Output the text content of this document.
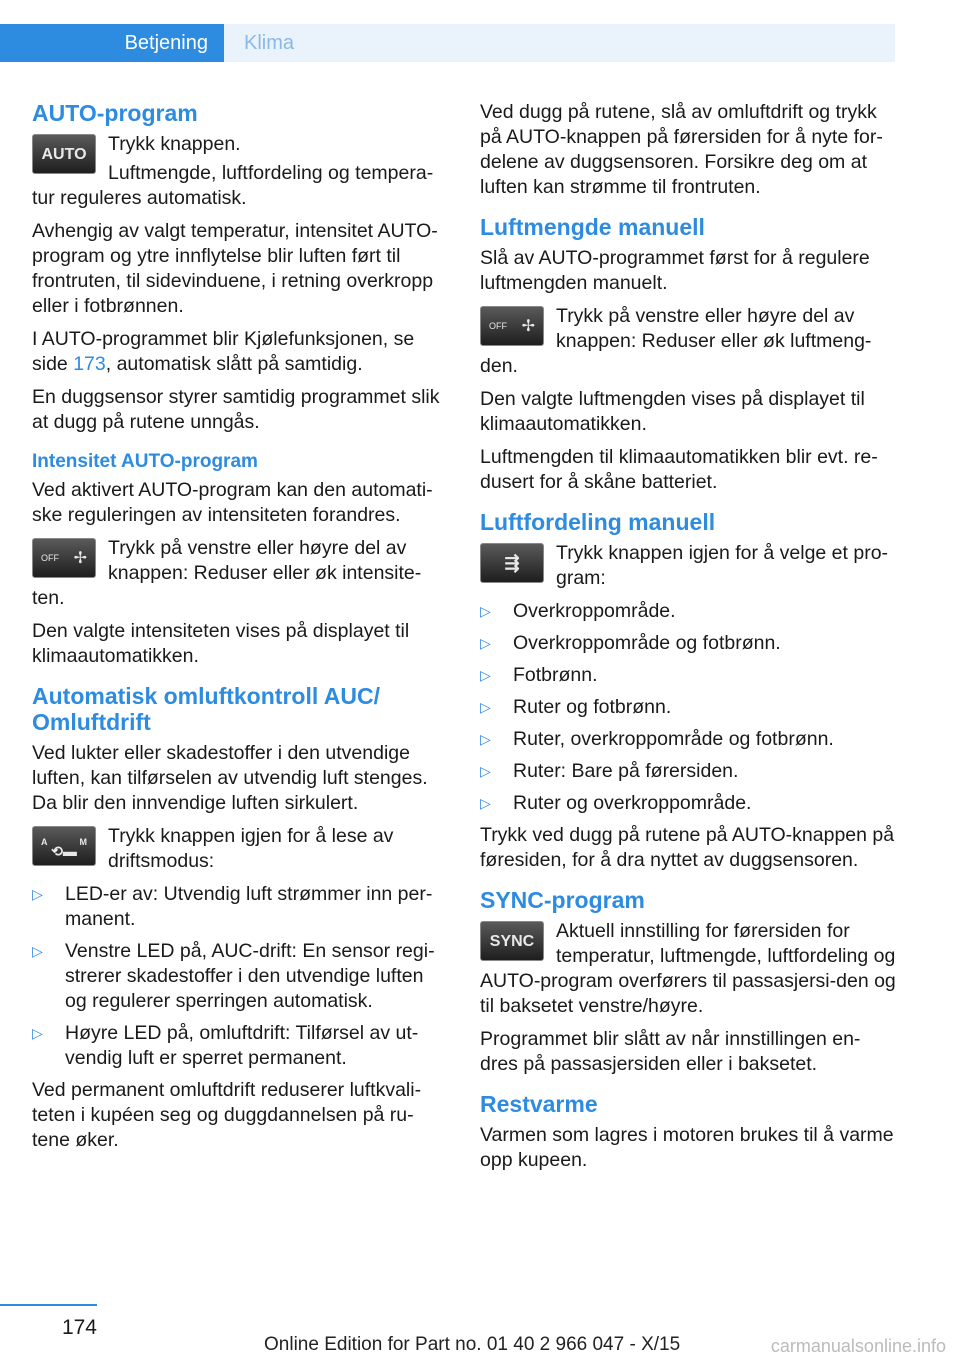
Betjening	Klima
AUTO-program
AUTO	Trykk knappen.

Luftmengde, luftfordeling og tempera-tur reguleres automatisk.

Avhengig av valgt temperatur, intensitet AUTO-program og ytre innflytelse blir luften ført til frontruten, til sidevinduene, i retning overkropp eller i fotbrønnen.

I AUTO-programmet blir Kjølefunksjonen, se side 173, automatisk slått på samtidig.

En duggsensor styrer samtidig programmet slik at dugg på rutene unngås.

Intensitet AUTO-program

Ved aktivert AUTO-program kan den automati-ske reguleringen av intensiteten forandres.

OFF ✢	Trykk på venstre eller høyre del av knappen: Reduser eller øk intensite-ten.

Den valgte intensiteten vises på displayet til klimaautomatikken.

Automatisk omluftkontroll AUC/ Omluftdrift

Ved lukter eller skadestoffer i den utvendige luften, kan tilførselen av utvendig luft stenges. Da blir den innvendige luften sirkulert.

A	M
⟲▬

Trykk knappen igjen for å lese av driftsmodus:

▷ LED-er av: Utvendig luft strømmer inn per-manent.
▷ Venstre LED på, AUC-drift: En sensor regi-strerer skadestoffer i den utvendige luften og regulerer sperringen automatisk.
▷ Høyre LED på, omluftdrift: Tilførsel av ut-vendig luft er sperret permanent.

Ved permanent omluftdrift reduserer luftkvali-teten i kupéen seg og duggdannelsen på ru-tene øker.

Ved dugg på rutene, slå av omluftdrift og trykk på AUTO-knappen på førersiden for å nyte for-delene av duggsensoren. Forsikre deg om at luften kan strømme til frontruten.

Luftmengde manuell

Slå av AUTO-programmet først for å regulere luftmengden manuelt.

OFF ✢	Trykk på venstre eller høyre del av knappen: Reduser eller øk luftmeng-den.

Den valgte luftmengden vises på displayet til klimaautomatikken.

Luftmengden til klimaautomatikken blir evt. re-dusert for å skåne batteriet.

Luftfordeling manuell
⇶	Trykk knappen igjen for å velge et pro-gram:

▷ Overkroppområde.
▷ Overkroppområde og fotbrønn.
▷ Fotbrønn.
▷ Ruter og fotbrønn.
▷ Ruter, overkroppområde og fotbrønn.
▷ Ruter: Bare på førersiden.
▷ Ruter og overkroppområde.

Trykk ved dugg på rutene på AUTO-knappen på føresiden, for å dra nyttet av duggsensoren.

SYNC-program
SYNC	Aktuell innstilling for førersiden for temperatur, luftmengde, luftfordeling og AUTO-program overførers til passasjersi-den og til baksetet venstre/høyre.

Programmet blir slått av når innstillingen en-dres på passasjersiden eller i baksetet.

Restvarme

Varmen som lagres i motoren brukes til å varme opp kupeen.

174
Online Edition for Part no. 01 40 2 966 047 - X/15	carmanualsonline.info
